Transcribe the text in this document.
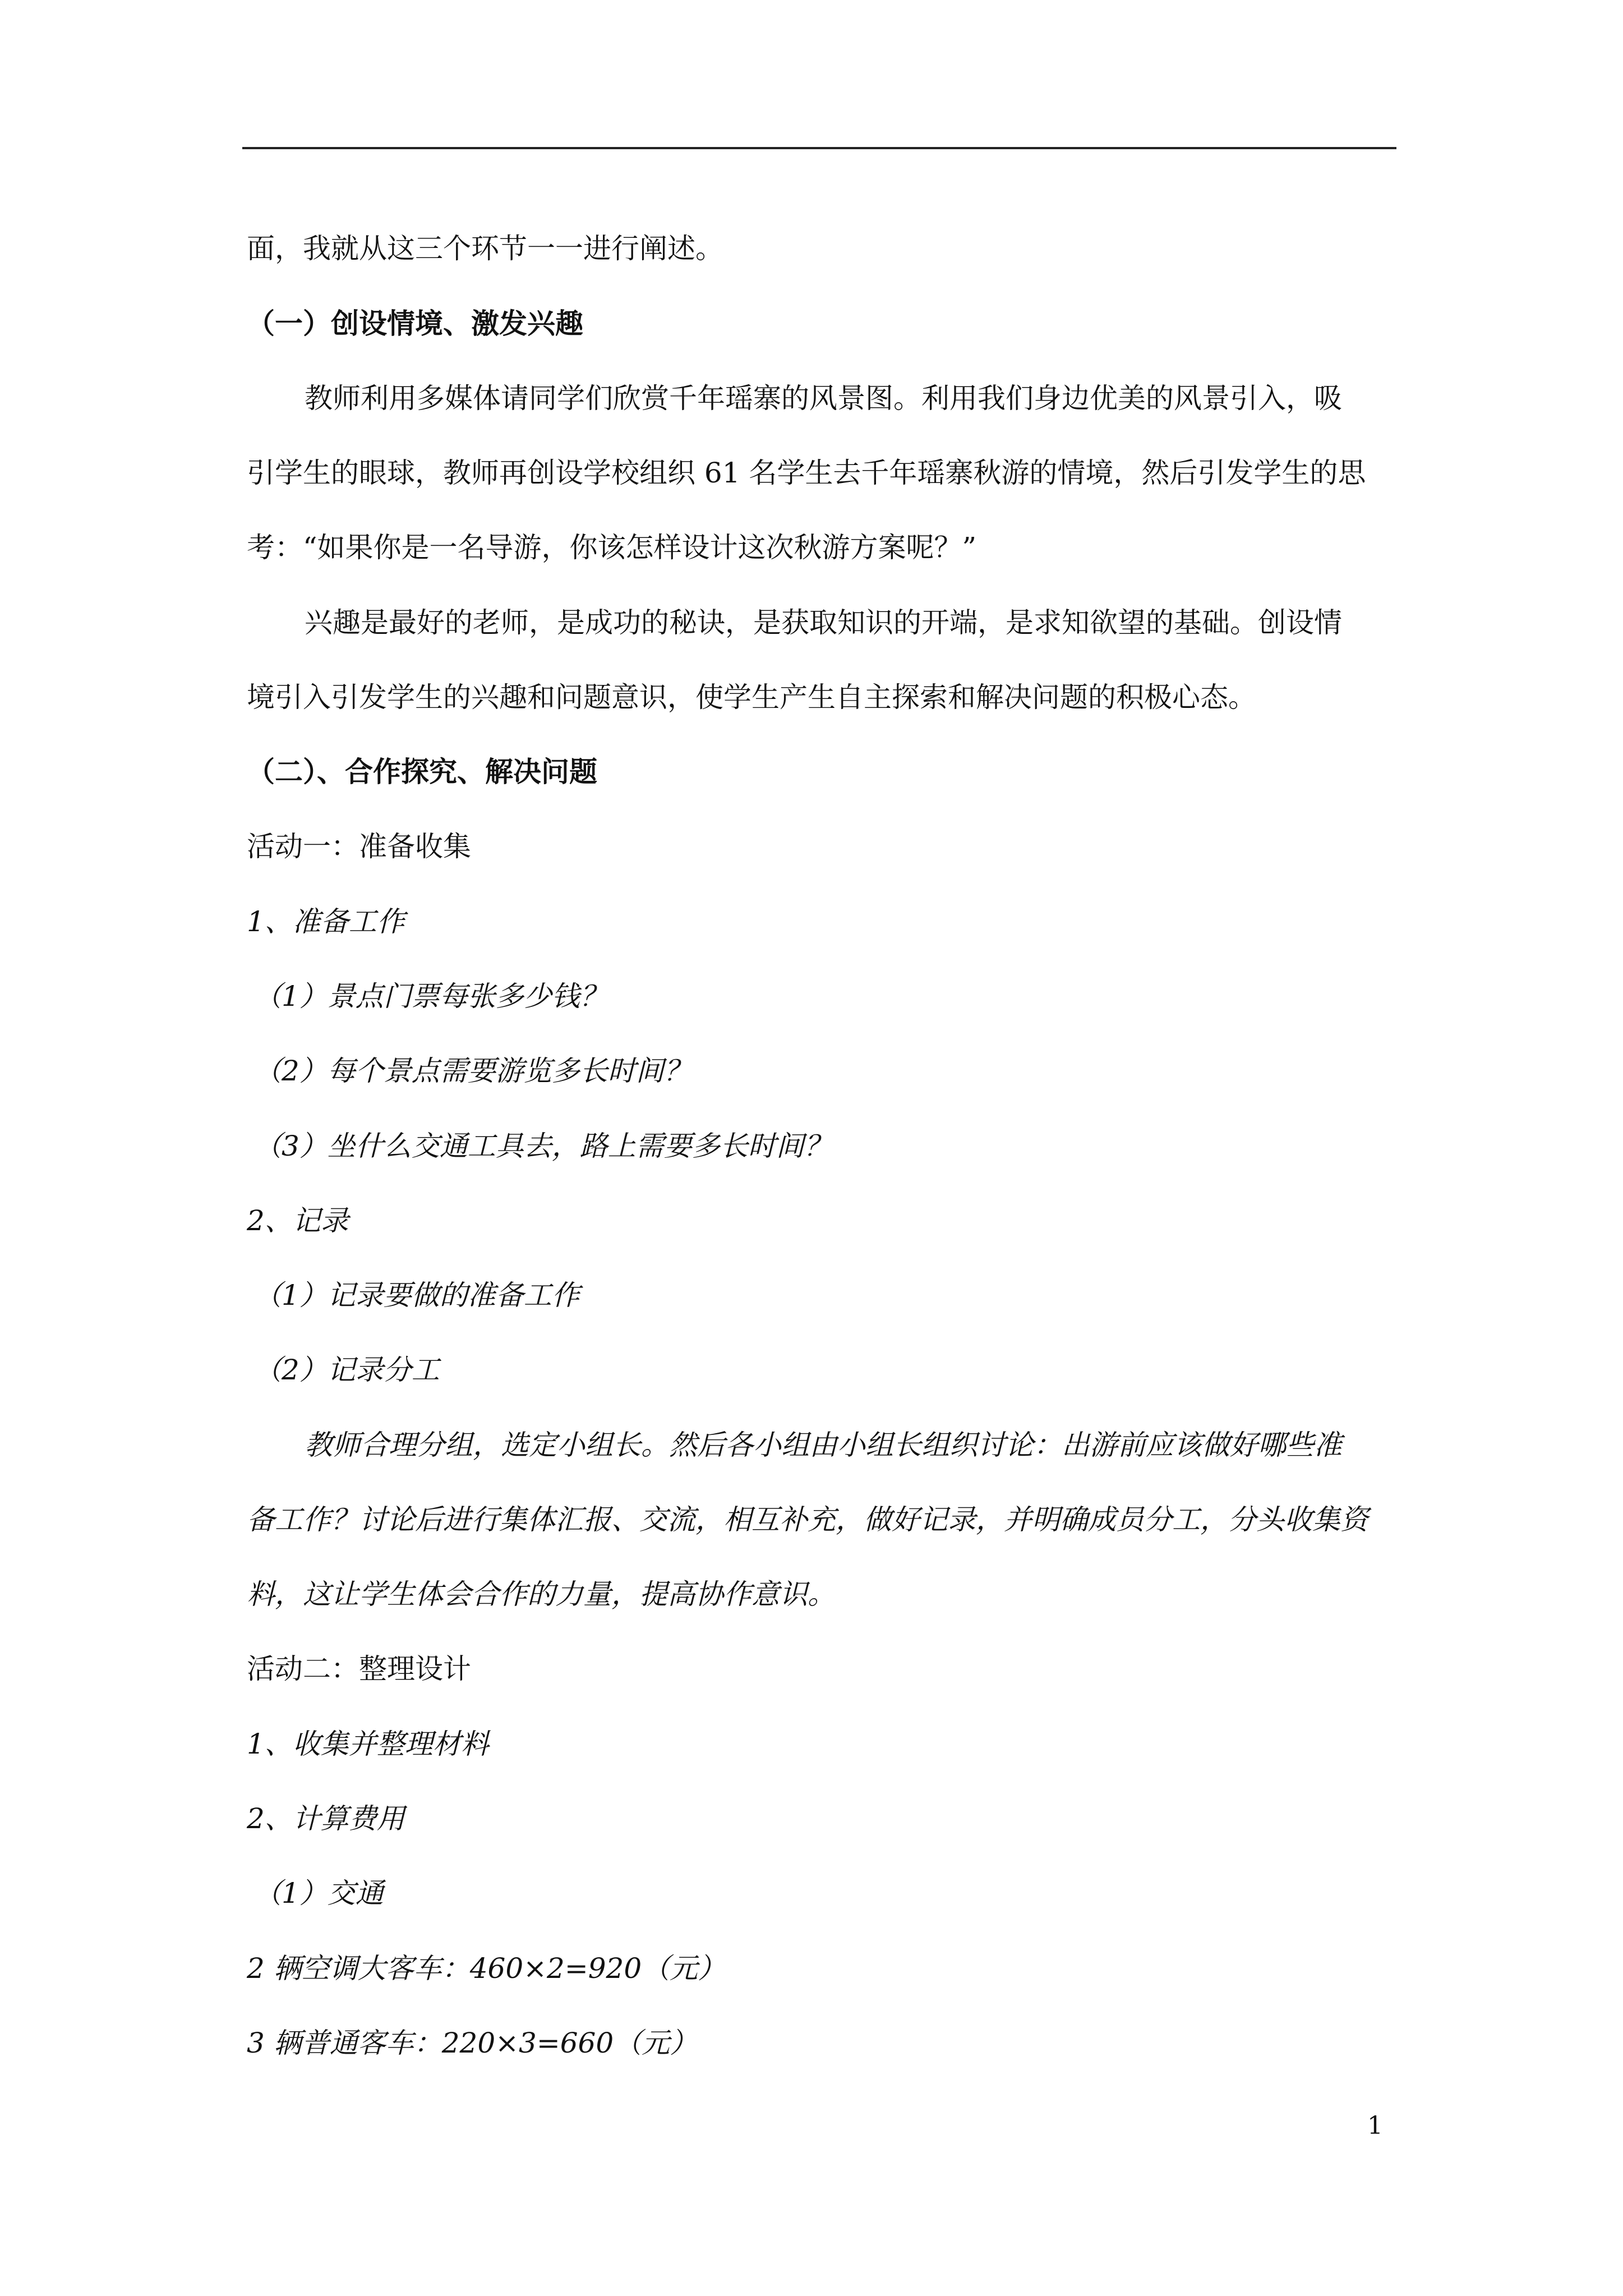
面，我就从这三个环节一一进行阐述。
（一）创设情境、激发兴趣
教师利用多媒体请同学们欣赏千年瑶寨的风景图。利用我们身边优美的风景引入，吸
引学生的眼球，教师再创设学校组织 61 名学生去千年瑶寨秋游的情境，然后引发学生的思
考：“如果你是一名导游，你该怎样设计这次秋游方案呢？”
兴趣是最好的老师，是成功的秘诀，是获取知识的开端，是求知欲望的基础。创设情
境引入引发学生的兴趣和问题意识，使学生产生自主探索和解决问题的积极心态。
（二）、合作探究、解决问题
活动一：准备收集
1、准备工作
（1）景点门票每张多少钱？
（2）每个景点需要游览多长时间？
（3）坐什么交通工具去，路上需要多长时间？
2、记录
（1）记录要做的准备工作
（2）记录分工
教师合理分组，选定小组长。然后各小组由小组长组织讨论：出游前应该做好哪些准
备工作？讨论后进行集体汇报、交流，相互补充，做好记录，并明确成员分工，分头收集资
料，这让学生体会合作的力量，提高协作意识。
活动二：整理设计
1、收集并整理材料
2、计算费用
（1）交通
2 辆空调大客车：460×2=920（元）
3 辆普通客车：220×3=660（元）
1
